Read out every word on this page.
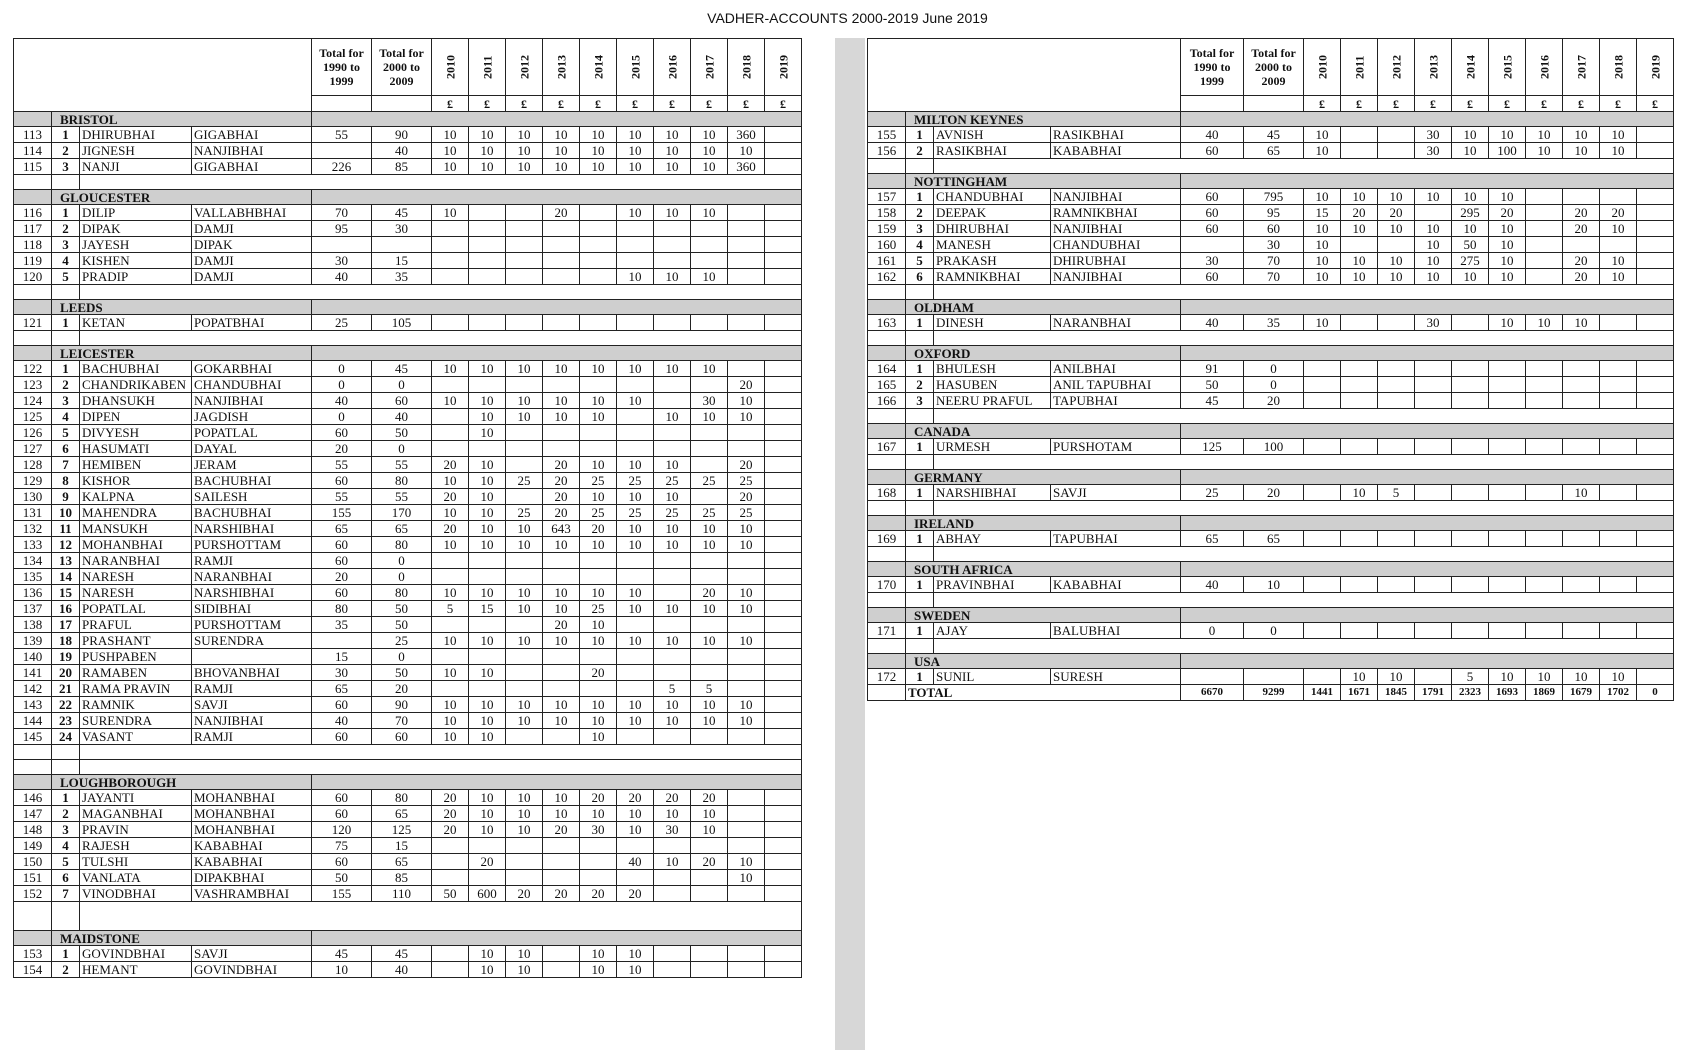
VADHER-ACCOUNTS 2000-2019 June 2019
				Total for 1990 to 1999	Total for 2000 to 2009	2010	2011	2012	2013	2014	2015	2016	2017	2018	2019
						£	£	£	£	£	£	£	£	£	£
	BRISTOL														
113	1	DHIRUBHAI	GIGABHAI	55	90	10	10	10	10	10	10	10	10	360	
114	2	JIGNESH	NANJIBHAI		40	10	10	10	10	10	10	10	10	10	
115	3	NANJI	GIGABHAI	226	85	10	10	10	10	10	10	10	10	360	

	GLOUCESTER														
116	1	DILIP	VALLABHBHAI	70	45	10			20		10	10	10		
117	2	DIPAK	DAMJI	95	30										
118	3	JAYESH	DIPAK												
119	4	KISHEN	DAMJI	30	15										
120	5	PRADIP	DAMJI	40	35						10	10	10		

	LEEDS														
121	1	KETAN	POPATBHAI	25	105										

	LEICESTER														
122	1	BACHUBHAI	GOKARBHAI	0	45	10	10	10	10	10	10	10	10		
123	2	CHANDRIKABEN	CHANDUBHAI	0	0									20	
124	3	DHANSUKH	NANJIBHAI	40	60	10	10	10	10	10	10		30	10	
125	4	DIPEN	JAGDISH	0	40		10	10	10	10		10	10	10	
126	5	DIVYESH	POPATLAL	60	50		10								
127	6	HASUMATI	DAYAL	20	0										
128	7	HEMIBEN	JERAM	55	55	20	10		20	10	10	10		20	
129	8	KISHOR	BACHUBHAI	60	80	10	10	25	20	25	25	25	25	25	
130	9	KALPNA	SAILESH	55	55	20	10		20	10	10	10		20	
131	10	MAHENDRA	BACHUBHAI	155	170	10	10	25	20	25	25	25	25	25	
132	11	MANSUKH	NARSHIBHAI	65	65	20	10	10	643	20	10	10	10	10	
133	12	MOHANBHAI	PURSHOTTAM	60	80	10	10	10	10	10	10	10	10	10	
134	13	NARANBHAI	RAMJI	60	0										
135	14	NARESH	NARANBHAI	20	0										
136	15	NARESH	NARSHIBHAI	60	80	10	10	10	10	10	10		20	10	
137	16	POPATLAL	SIDIBHAI	80	50	5	15	10	10	25	10	10	10	10	
138	17	PRAFUL	PURSHOTTAM	35	50				20	10					
139	18	PRASHANT	SURENDRA		25	10	10	10	10	10	10	10	10	10	
140	19	PUSHPABEN		15	0										
141	20	RAMABEN	BHOVANBHAI	30	50	10	10			20					
142	21	RAMA PRAVIN	RAMJI	65	20							5	5		
143	22	RAMNIK	SAVJI	60	90	10	10	10	10	10	10	10	10	10	
144	23	SURENDRA	NANJIBHAI	40	70	10	10	10	10	10	10	10	10	10	
145	24	VASANT	RAMJI	60	60	10	10			10					

	LOUGHBOROUGH														
146	1	JAYANTI	MOHANBHAI	60	80	20	10	10	10	20	20	20	20		
147	2	MAGANBHAI	MOHANBHAI	60	65	20	10	10	10	10	10	10	10		
148	3	PRAVIN	MOHANBHAI	120	125	20	10	10	20	30	10	30	10		
149	4	RAJESH	KABABHAI	75	15										
150	5	TULSHI	KABABHAI	60	65		20				40	10	20	10	
151	6	VANLATA	DIPAKBHAI	50	85									10	
152	7	VINODBHAI	VASHRAMBHAI	155	110	50	600	20	20	20	20				

	MAIDSTONE														
153	1	GOVINDBHAI	SAVJI	45	45		10	10		10	10				
154	2	HEMANT	GOVINDBHAI	10	40		10	10		10	10				
				Total for 1990 to 1999	Total for 2000 to 2009	2010	2011	2012	2013	2014	2015	2016	2017	2018	2019
						£	£	£	£	£	£	£	£	£	£
	MILTON KEYNES														
155	1	AVNISH	RASIKBHAI	40	45	10			30	10	10	10	10	10	
156	2	RASIKBHAI	KABABHAI	60	65	10			30	10	100	10	10	10	

	NOTTINGHAM														
157	1	CHANDUBHAI	NANJIBHAI	60	795	10	10	10	10	10	10				
158	2	DEEPAK	RAMNIKBHAI	60	95	15	20	20		295	20		20	20	
159	3	DHIRUBHAI	NANJIBHAI	60	60	10	10	10	10	10	10		20	10	
160	4	MANESH	CHANDUBHAI		30	10			10	50	10				
161	5	PRAKASH	DHIRUBHAI	30	70	10	10	10	10	275	10		20	10	
162	6	RAMNIKBHAI	NANJIBHAI	60	70	10	10	10	10	10	10		20	10	

	OLDHAM														
163	1	DINESH	NARANBHAI	40	35	10			30		10	10	10		

	OXFORD														
164	1	BHULESH	ANILBHAI	91	0										
165	2	HASUBEN	ANIL TAPUBHAI	50	0										
166	3	NEERU PRAFUL	TAPUBHAI	45	20										

	CANADA														
167	1	URMESH	PURSHOTAM	125	100										

	GERMANY														
168	1	NARSHIBHAI	SAVJI	25	20		10	5					10		

	IRELAND														
169	1	ABHAY	TAPUBHAI	65	65										

	SOUTH AFRICA														
170	1	PRAVINBHAI	KABABHAI	40	10										

	SWEDEN														
171	1	AJAY	BALUBHAI	0	0										

	USA														
172	1	SUNIL	SURESH				10	10		5	10	10	10	10	
	TOTAL			6670	9299	1441	1671	1845	1791	2323	1693	1869	1679	1702	0
